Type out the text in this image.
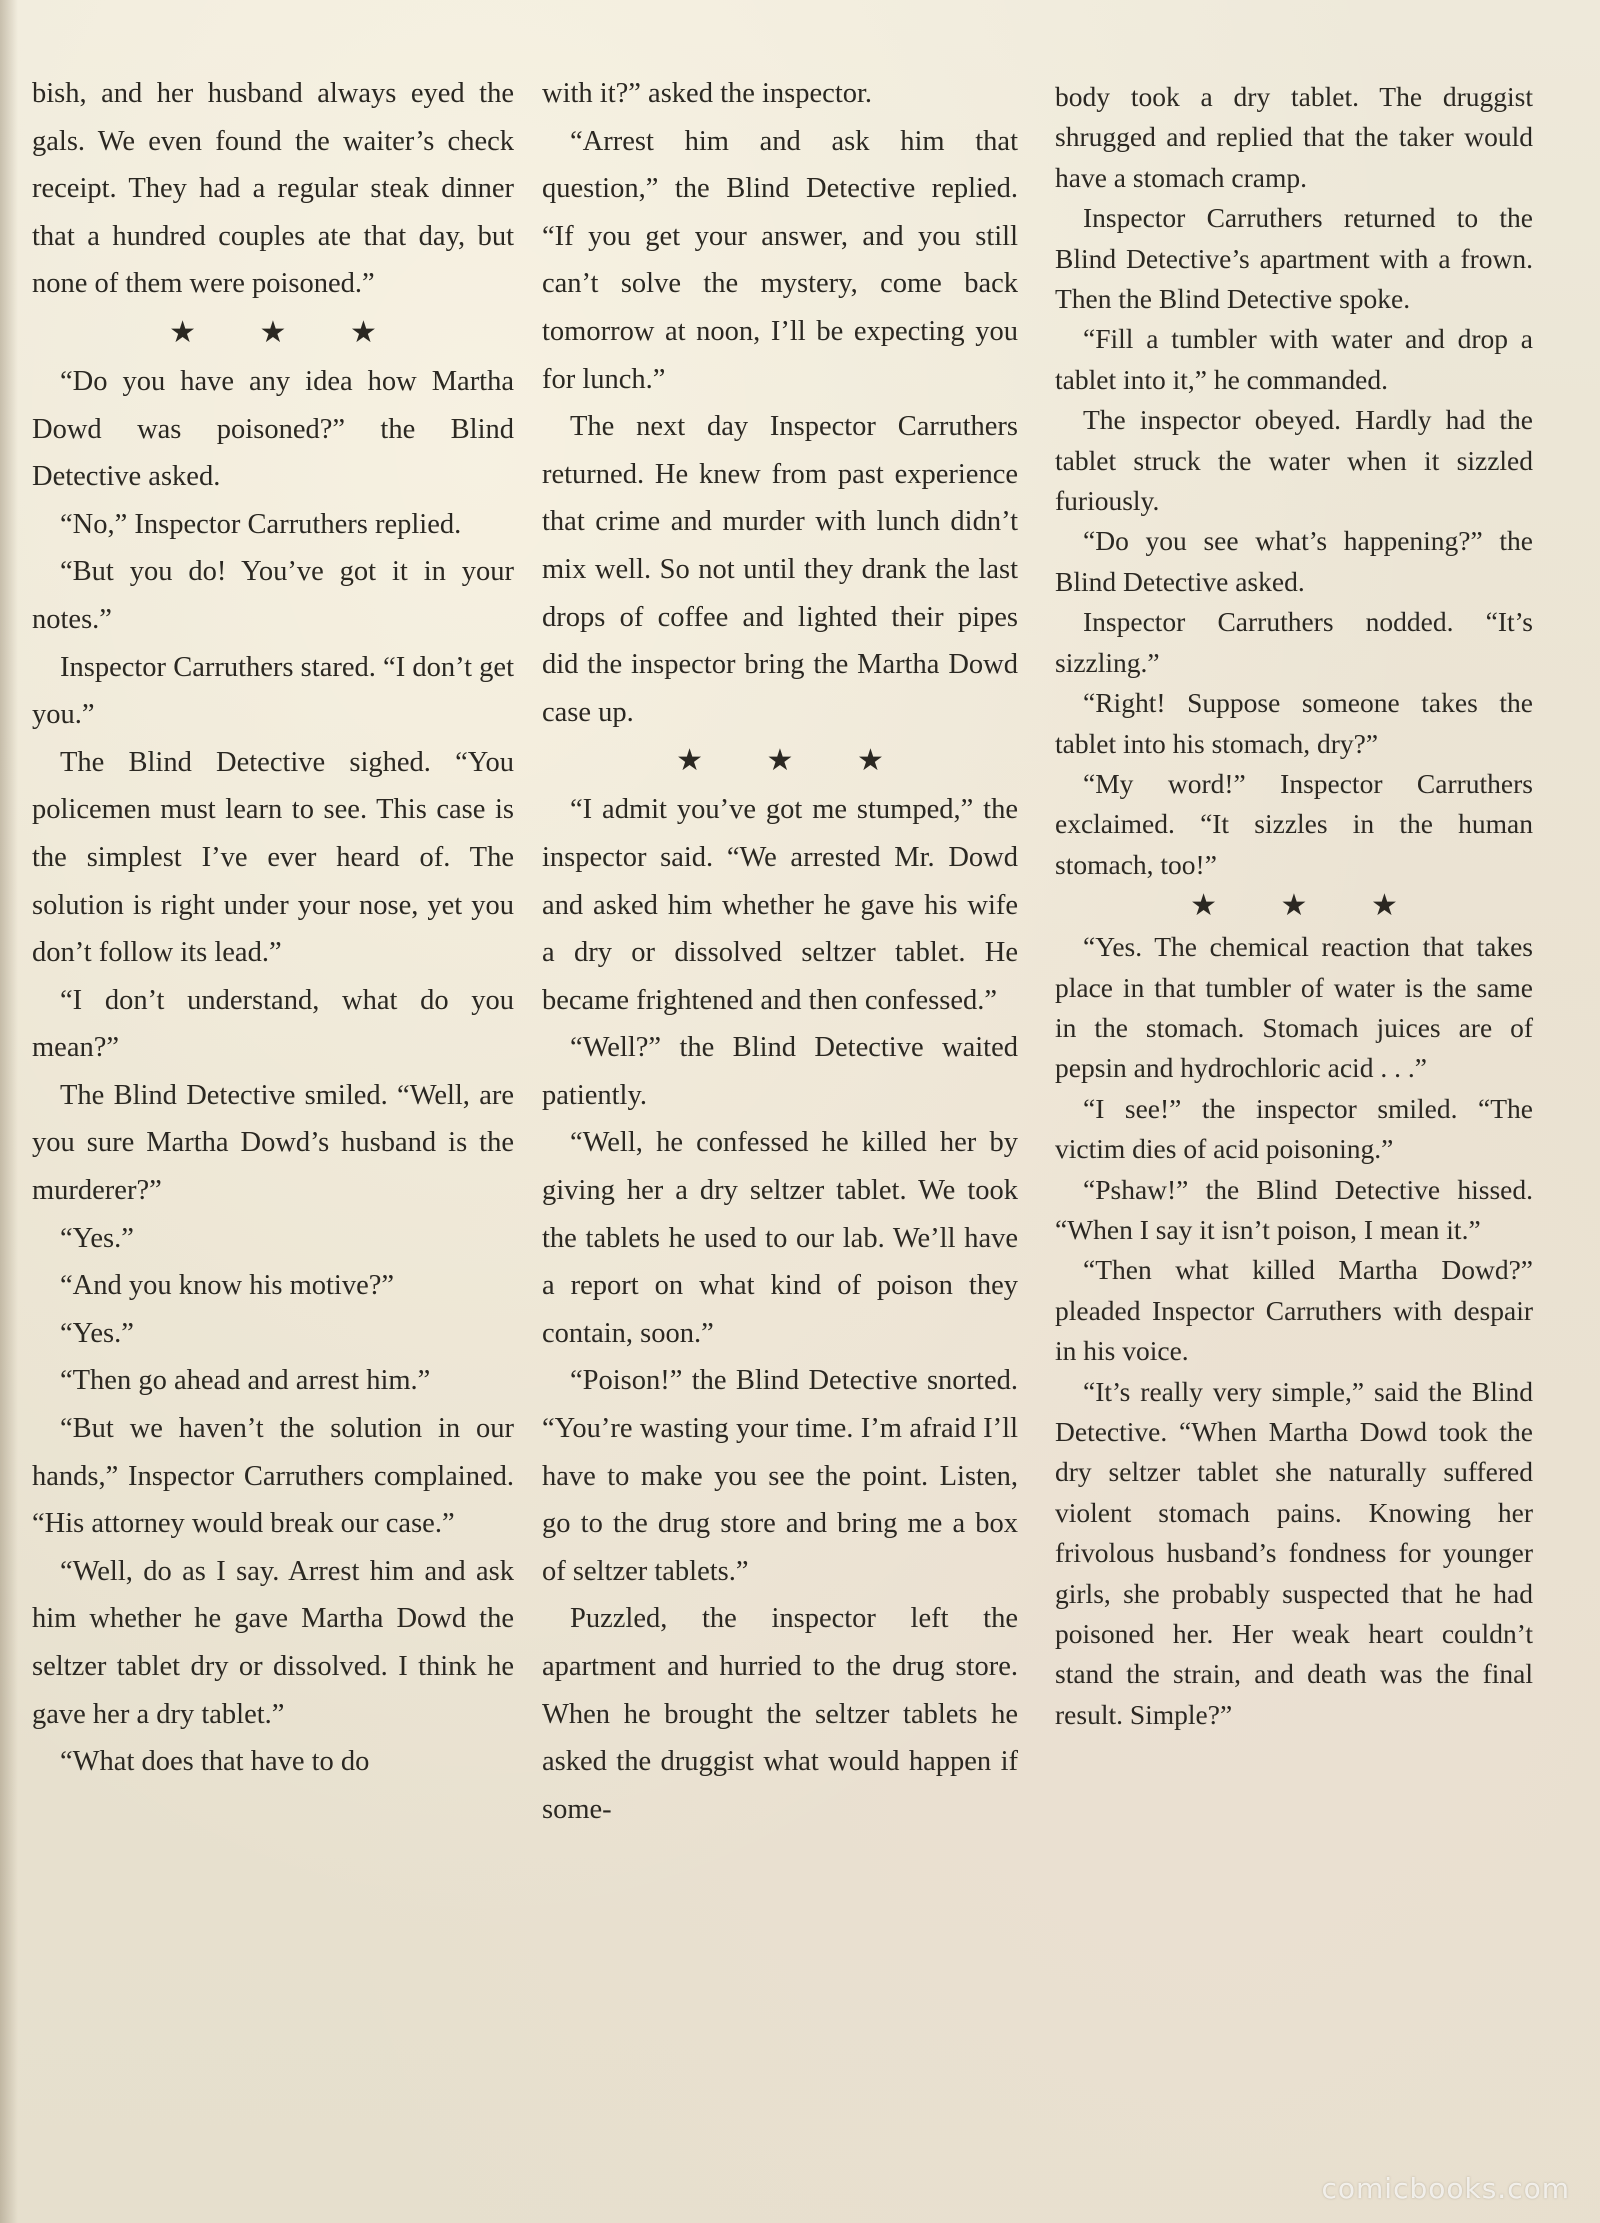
bish, and her husband always eyed the gals. We even found the waiter’s check receipt. They had a regular steak dinner that a hundred couples ate that day, but none of them were poisoned.”

★ ★ ★

“Do you have any idea how Martha Dowd was poisoned?” the Blind Detective asked.

“No,” Inspector Carruthers replied.

“But you do! You’ve got it in your notes.”

Inspector Carruthers stared. “I don’t get you.”

The Blind Detective sighed. “You policemen must learn to see. This case is the simplest I’ve ever heard of. The solution is right under your nose, yet you don’t follow its lead.”

“I don’t understand, what do you mean?”

The Blind Detective smiled. “Well, are you sure Martha Dowd’s husband is the murderer?”

“Yes.”

“And you know his motive?”

“Yes.”

“Then go ahead and arrest him.”

“But we haven’t the solution in our hands,” Inspector Carruthers complained. “His attorney would break our case.”

“Well, do as I say. Arrest him and ask him whether he gave Martha Dowd the seltzer tablet dry or dissolved. I think he gave her a dry tablet.”

“What does that have to do

with it?” asked the inspector.

“Arrest him and ask him that question,” the Blind Detective replied. “If you get your answer, and you still can’t solve the mystery, come back tomorrow at noon, I’ll be expecting you for lunch.”

The next day Inspector Carruthers returned. He knew from past experience that crime and murder with lunch didn’t mix well. So not until they drank the last drops of coffee and lighted their pipes did the inspector bring the Martha Dowd case up.

★ ★ ★

“I admit you’ve got me stumped,” the inspector said. “We arrested Mr. Dowd and asked him whether he gave his wife a dry or dissolved seltzer tablet. He became frightened and then confessed.”

“Well?” the Blind Detective waited patiently.

“Well, he confessed he killed her by giving her a dry seltzer tablet. We took the tablets he used to our lab. We’ll have a report on what kind of poison they contain, soon.”

“Poison!” the Blind Detective snorted. “You’re wasting your time. I’m afraid I’ll have to make you see the point. Listen, go to the drug store and bring me a box of seltzer tablets.”

Puzzled, the inspector left the apartment and hurried to the drug store. When he brought the seltzer tablets he asked the druggist what would happen if some-

body took a dry tablet. The druggist shrugged and replied that the taker would have a stomach cramp.

Inspector Carruthers returned to the Blind Detective’s apartment with a frown. Then the Blind Detective spoke.

“Fill a tumbler with water and drop a tablet into it,” he commanded.

The inspector obeyed. Hardly had the tablet struck the water when it sizzled furiously.

“Do you see what’s happening?” the Blind Detective asked.

Inspector Carruthers nodded. “It’s sizzling.”

“Right! Suppose someone takes the tablet into his stomach, dry?”

“My word!” Inspector Carruthers exclaimed. “It sizzles in the human stomach, too!”

★ ★ ★

“Yes. The chemical reaction that takes place in that tumbler of water is the same in the stomach. Stomach juices are of pepsin and hydrochloric acid . . .”

“I see!” the inspector smiled. “The victim dies of acid poisoning.”

“Pshaw!” the Blind Detective hissed. “When I say it isn’t poison, I mean it.”

“Then what killed Martha Dowd?” pleaded Inspector Carruthers with despair in his voice.

“It’s really very simple,” said the Blind Detective. “When Martha Dowd took the dry seltzer tablet she naturally suffered violent stomach pains. Knowing her frivolous husband’s fondness for younger girls, she probably suspected that he had poisoned her. Her weak heart couldn’t stand the strain, and death was the final result. Simple?”

comicbooks.com
